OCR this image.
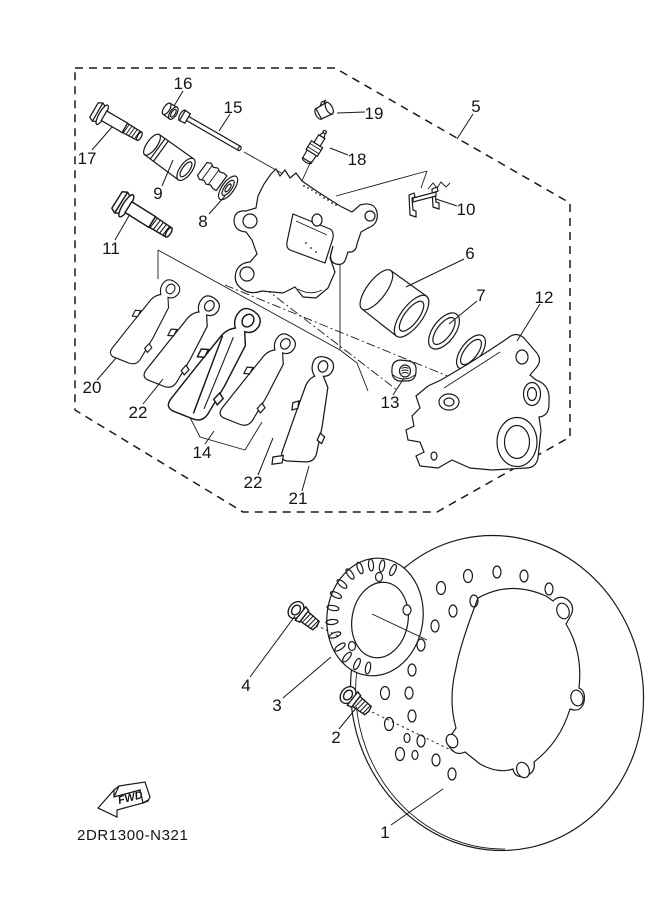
1
2
3
4
5
6
7
8
9
10
11
12
13
14
15
16
17	18
19
20
21
22
22
FWD
2DR1300-N321
